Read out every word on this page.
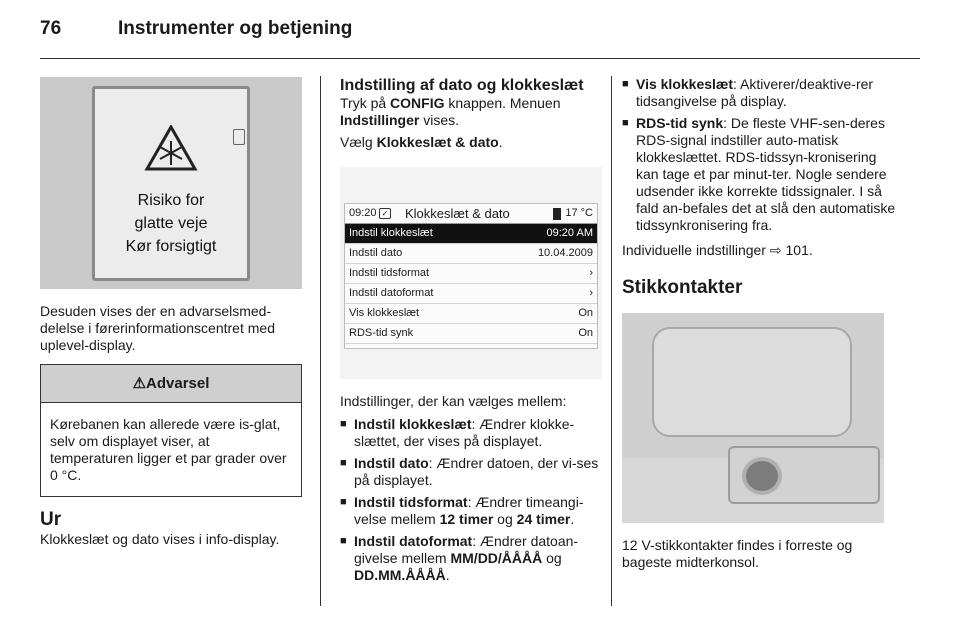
76	Instrumenter og betjening
Risiko for
glatte veje
Kør forsigtigt

Desuden vises der en advarselsmed-delelse i førerinformationscentret med uplevel-display.

⚠Advarsel
Kørebanen kan allerede være is-glat, selv om displayet viser, at temperaturen ligger et par grader over 0 °C.
Ur

Klokkeslæt og dato vises i info-display.

Indstilling af dato og klokkeslæt

Tryk på CONFIG knappen. Menuen Indstillinger vises.

Vælg Klokkeslæt & dato.

09:20 ✓ Klokkeslæt & dato	17 °C
Indstil klokkeslæt	09:20 AM
Indstil dato	10.04.2009
Indstil tidsformat	›
Indstil datoformat	›
Vis klokkeslæt	On
RDS-tid synk	On

Indstillinger, der kan vælges mellem:

■ Indstil klokkeslæt: Ændrer klokke-slættet, der vises på displayet.
■ Indstil dato: Ændrer datoen, der vi-ses på displayet.
■ Indstil tidsformat: Ændrer timeangi-velse mellem 12 timer og 24 timer.
■ Indstil datoformat: Ændrer datoan-givelse mellem MM/DD/ÅÅÅÅ og DD.MM.ÅÅÅÅ.
■ Vis klokkeslæt: Aktiverer/deaktive-rer tidsangivelse på display.
■ RDS-tid synk: De fleste VHF-sen-deres RDS-signal indstiller auto-matisk klokkeslættet. RDS-tidssyn-kronisering kan tage et par minut-ter. Nogle sendere udsender ikke korrekte tidssignaler. I så fald an-befales det at slå den automatiske tidssynkronisering fra.

Individuelle indstillinger ⇨ 101.

Stikkontakter

12 V-stikkontakter findes i forreste og bageste midterkonsol.
